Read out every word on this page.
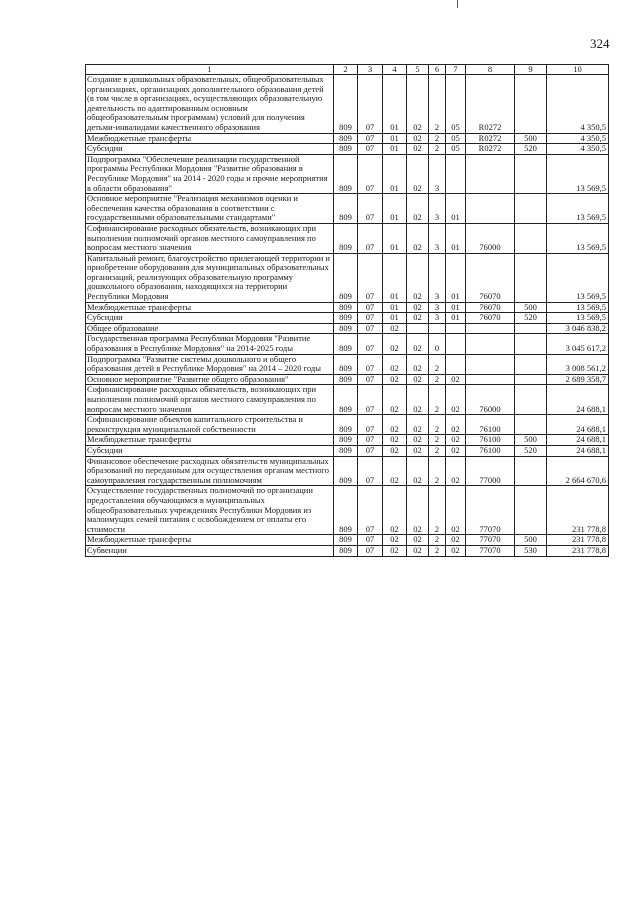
324
1	2	3	4	5	6	7	8	9	10
Создание в дошкольных образовательных, общеобразовательных организациях, организациях дополнительного образования детей (в том числе в организациях, осуществляющих образовательную деятельность по адаптированным основным общеобразовательным программам) условий для получения детьми-инвалидами качественного образования	809	07	01	02	2	05	R0272		4 350,5
Межбюджетные трансферты	809	07	01	02	2	05	R0272	500	4 350,5
Субсидии	809	07	01	02	2	05	R0272	520	4 350,5
Подпрограмма "Обеспечение реализации государственной программы Республики Мордовия "Развитие образования в Республике Мордовия" на 2014 - 2020 годы и прочие мероприятия в области образования"	809	07	01	02	3				13 569,5
Основное мероприятие "Реализация механизмов оценки и обеспечения качества образования в соответствии с государственными образовательными стандартами"	809	07	01	02	3	01			13 569,5
Софинансирование расходных обязательств, возникающих при выполнении полномочий органов местного самоуправления по вопросам местного значения	809	07	01	02	3	01	76000		13 569,5
Капитальный ремонт, благоустройство прилегающей территории и приобретение оборудования для муниципальных образовательных организаций, реализующих образовательную программу дошкольного образования, находящихся на территории Республики Мордовия	809	07	01	02	3	01	76070		13 569,5
Межбюджетные трансферты	809	07	01	02	3	01	76070	500	13 569,5
Субсидии	809	07	01	02	3	01	76070	520	13 569,5
Общее образование	809	07	02						3 046 838,2
Государственная программа Республики Мордовия "Развитие образования в Республике Мордовия" на 2014-2025 годы	809	07	02	02	0				3 045 617,2
Подпрограмма "Развитие системы дошкольного и общего образования детей в Республике Мордовия" на 2014 – 2020 годы	809	07	02	02	2				3 008 561,2
Основное мероприятие "Развитие общего образования"	809	07	02	02	2	02			2 689 358,7
Софинансирование расходных обязательств, возникающих при выполнении полномочий органов местного самоуправления по вопросам местного значения	809	07	02	02	2	02	76000		24 688,1
Софинансирование объектов капитального строительства и реконструкция муниципальной собственности	809	07	02	02	2	02	76100		24 688,1
Межбюджетные трансферты	809	07	02	02	2	02	76100	500	24 688,1
Субсидии	809	07	02	02	2	02	76100	520	24 688,1
Финансовое обеспечение расходных обязательств муниципальных образований по переданным для осуществления органам местного самоуправления государственным полномочиям	809	07	02	02	2	02	77000		2 664 670,6
Осуществление государственных полномочий по организации предоставления обучающимся в муниципальных общеобразовательных учреждениях Республики Мордовия из малоимущих семей питания с освобождением от оплаты его стоимости	809	07	02	02	2	02	77070		231 778,8
Межбюджетные трансферты	809	07	02	02	2	02	77070	500	231 778,8
Субвенции	809	07	02	02	2	02	77070	530	231 778,8
